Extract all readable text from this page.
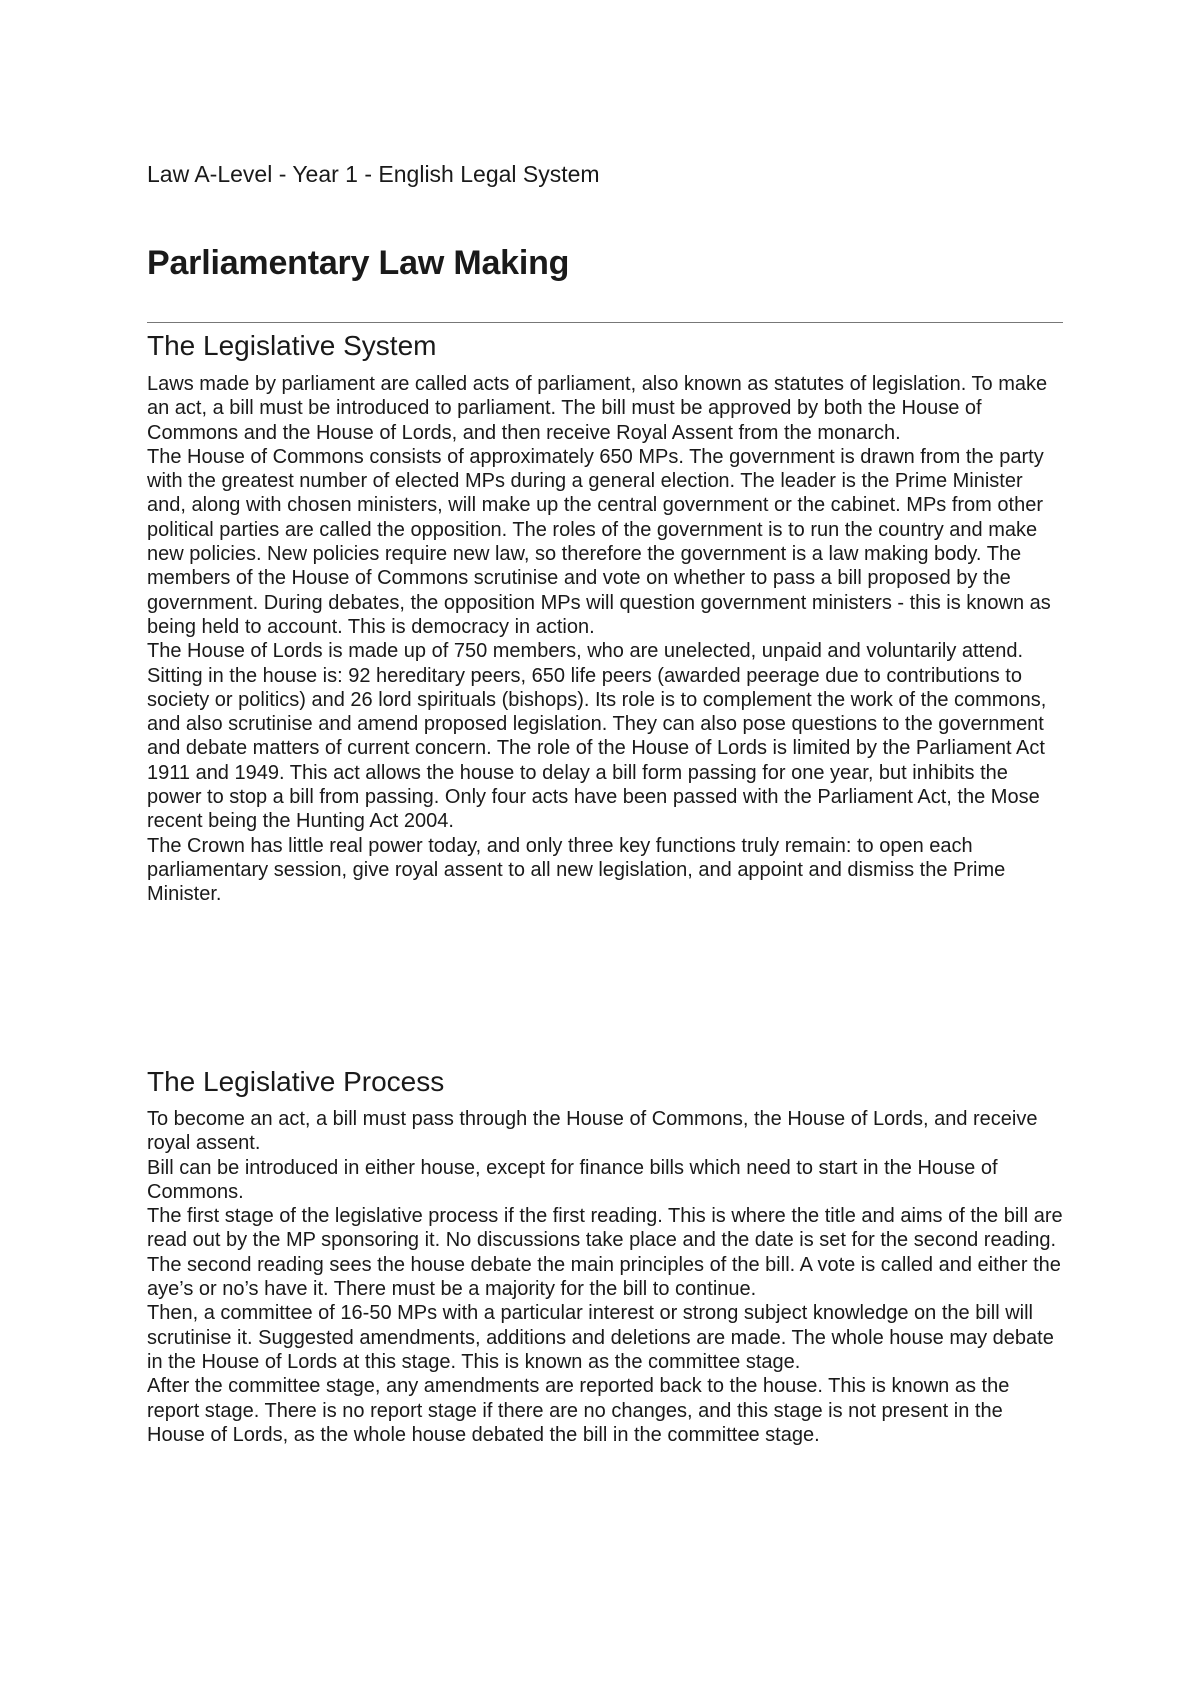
Law A-Level - Year 1 - English Legal System
Parliamentary Law Making
The Legislative System

Laws made by parliament are called acts of parliament, also known as statutes of legislation. To make an act, a bill must be introduced to parliament. The bill must be approved by both the House of Commons and the House of Lords, and then receive Royal Assent from the monarch.

The House of Commons consists of approximately 650 MPs. The government is drawn from the party with the greatest number of elected MPs during a general election. The leader is the Prime Minister and, along with chosen ministers, will make up the central government or the cabinet. MPs from other political parties are called the opposition. The roles of the government is to run the country and make new policies. New policies require new law, so therefore the government is a law making body. The members of the House of Commons scrutinise and vote on whether to pass a bill proposed by the government. During debates, the opposition MPs will question government ministers - this is known as being held to account. This is democracy in action.

The House of Lords is made up of 750 members, who are unelected, unpaid and voluntarily attend. Sitting in the house is: 92 hereditary peers, 650 life peers (awarded peerage due to contributions to society or politics) and 26 lord spirituals (bishops). Its role is to complement the work of the commons, and also scrutinise and amend proposed legislation. They can also pose questions to the government and debate matters of current concern. The role of the House of Lords is limited by the Parliament Act 1911 and 1949. This act allows the house to delay a bill form passing for one year, but inhibits the power to stop a bill from passing. Only four acts have been passed with the Parliament Act, the Mose recent being the Hunting Act 2004.

The Crown has little real power today, and only three key functions truly remain: to open each parliamentary session, give royal assent to all new legislation, and appoint and dismiss the Prime Minister.

The Legislative Process

To become an act, a bill must pass through the House of Commons, the House of Lords, and receive royal assent.

Bill can be introduced in either house, except for finance bills which need to start in the House of Commons.

The first stage of the legislative process if the first reading. This is where the title and aims of the bill are read out by the MP sponsoring it. No discussions take place and the date is set for the second reading.

The second reading sees the house debate the main principles of the bill. A vote is called and either the aye’s or no’s have it. There must be a majority for the bill to continue.

Then, a committee of 16-50 MPs with a particular interest or strong subject knowledge on the bill will scrutinise it. Suggested amendments, additions and deletions are made. The whole house may debate in the House of Lords at this stage. This is known as the committee stage.

After the committee stage, any amendments are reported back to the house. This is known as the report stage. There is no report stage if there are no changes, and this stage is not present in the House of Lords, as the whole house debated the bill in the committee stage.
